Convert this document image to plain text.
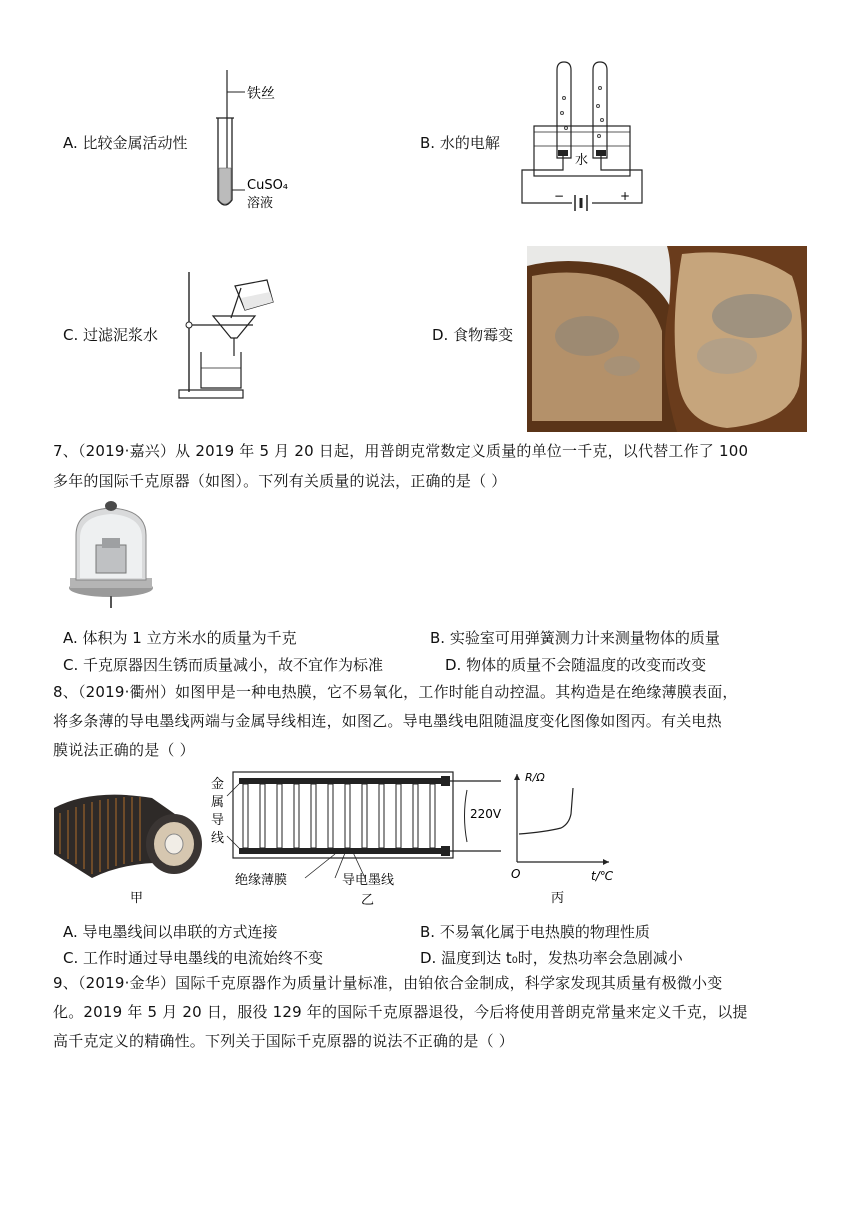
A. 比较金属活动性
铁丝
CuSO₄
溶液
B. 水的电解
水
−	+
C. 过滤泥浆水	D. 食物霉变
7、（2019·嘉兴）从 2019 年 5 月 20 日起，用普朗克常数定义质量的单位一千克，以代替工作了 100
多年的国际千克原器（如图）。下列有关质量的说法，正确的是（ ）
A. 体积为 1 立方米水的质量为千克	B. 实验室可用弹簧测力计来测量物体的质量
C. 千克原器因生锈而质量减小，故不宜作为标准	D. 物体的质量不会随温度的改变而改变
8、（2019·衢州）如图甲是一种电热膜，它不易氧化，工作时能自动控温。其构造是在绝缘薄膜表面，
将多条薄的导电墨线两端与金属导线相连，如图乙。导电墨线电阻随温度变化图像如图丙。有关电热
膜说法正确的是（ ）
甲
金
属
导
线
220V
绝缘薄膜	导电墨线
乙
R/Ω
O	t/℃
丙
A. 导电墨线间以串联的方式连接	B. 不易氧化属于电热膜的物理性质
C. 工作时通过导电墨线的电流始终不变	D. 温度到达 t₀时，发热功率会急剧减小
9、（2019·金华）国际千克原器作为质量计量标准，由铂依合金制成，科学家发现其质量有极微小变
化。2019 年 5 月 20 日，服役 129 年的国际千克原器退役，今后将使用普朗克常量来定义千克，以提
高千克定义的精确性。下列关于国际千克原器的说法不正确的是（ ）
